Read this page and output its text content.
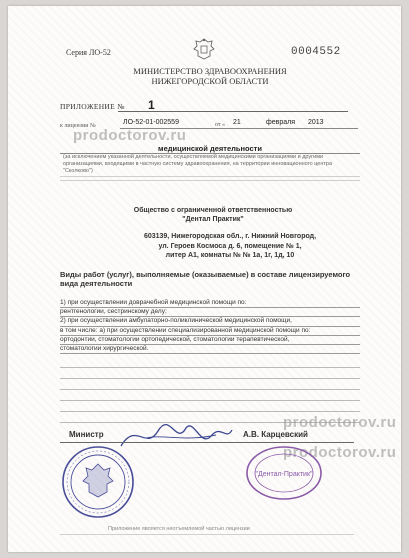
Серия ЛО-52	0004552
МИНИСТЕРСТВО ЗДРАВООХРАНЕНИЯ
НИЖЕГОРОДСКОЙ ОБЛАСТИ
ПРИЛОЖЕНИЕ № 1
к лицензии №	ЛО-52-01-002559	от « 21	февраля 2013
prodoctorov.ru
медицинской деятельности
(за исключением указанной деятельности, осуществляемой медицинскими организациями и другими организациями, входящими в частную систему здравоохранения, на территории инновационного центра "Сколково")
Общество с ограниченной ответственностью
"Дентал Практик"
603139, Нижегородская обл., г. Нижний Новгород,
ул. Героев Космоса д. 6, помещение № 1,
литер А1, комнаты № № 1а, 1г, 1д, 10
Виды работ (услуг), выполняемые (оказываемые) в составе лицензируемого вида деятельности
1) при осуществлении доврачебной медицинской помощи по:
рентгенологии, сестринскому делу;
2) при осуществлении амбулаторно-поликлинической медицинской помощи,
в том числе: а) при осуществлении специализированной медицинской помощи по:
ортодонтии, стоматологии ортопедической, стоматологии терапевтической,
стоматологии хирургической.
prodoctorov.ru
prodoctorov.ru
Министр	А.В. Карцевский
"Дентал-Практик"
Приложение является неотъемлемой частью лицензии
